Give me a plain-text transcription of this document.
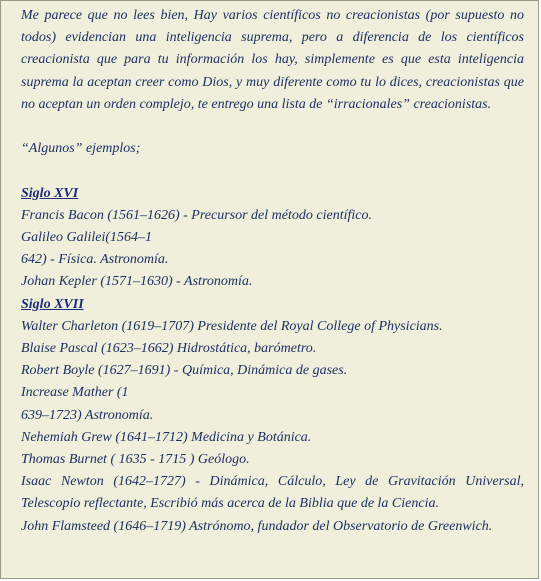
Me parece que no lees bien, Hay varios científicos no creacionistas (por supuesto no todos) evidencian una inteligencia suprema, pero a diferencia de los científicos creacionista que para tu información los hay, simplemente es que esta inteligencia suprema la aceptan creer como Dios, y muy diferente como tu lo dices, creacionistas que no aceptan un orden complejo, te entrego una lista de “irracionales” creacionistas.

“Algunos” ejemplos;
Siglo XVI
Francis Bacon (1561–1626) - Precursor del método científico.
Galileo Galilei(1564–1
642) - Física. Astronomía.
Johan Kepler (1571–1630) - Astronomía.
Siglo XVII
Walter Charleton (1619–1707) Presidente del Royal College of Physicians.
Blaise Pascal (1623–1662) Hidrostática, barómetro.
Robert Boyle (1627–1691) - Química, Dinámica de gases.
Increase Mather (1
639–1723) Astronomía.
Nehemiah Grew (1641–1712) Medicina y Botánica.
Thomas Burnet ( 1635 - 1715 ) Geólogo.
Isaac Newton (1642–1727) - Dinámica, Cálculo, Ley de Gravitación Universal, Telescopio reflectante, Escribió más acerca de la Biblia que de la Ciencia.
John Flamsteed (1646–1719) Astrónomo, fundador del Observatorio de Greenwich.
